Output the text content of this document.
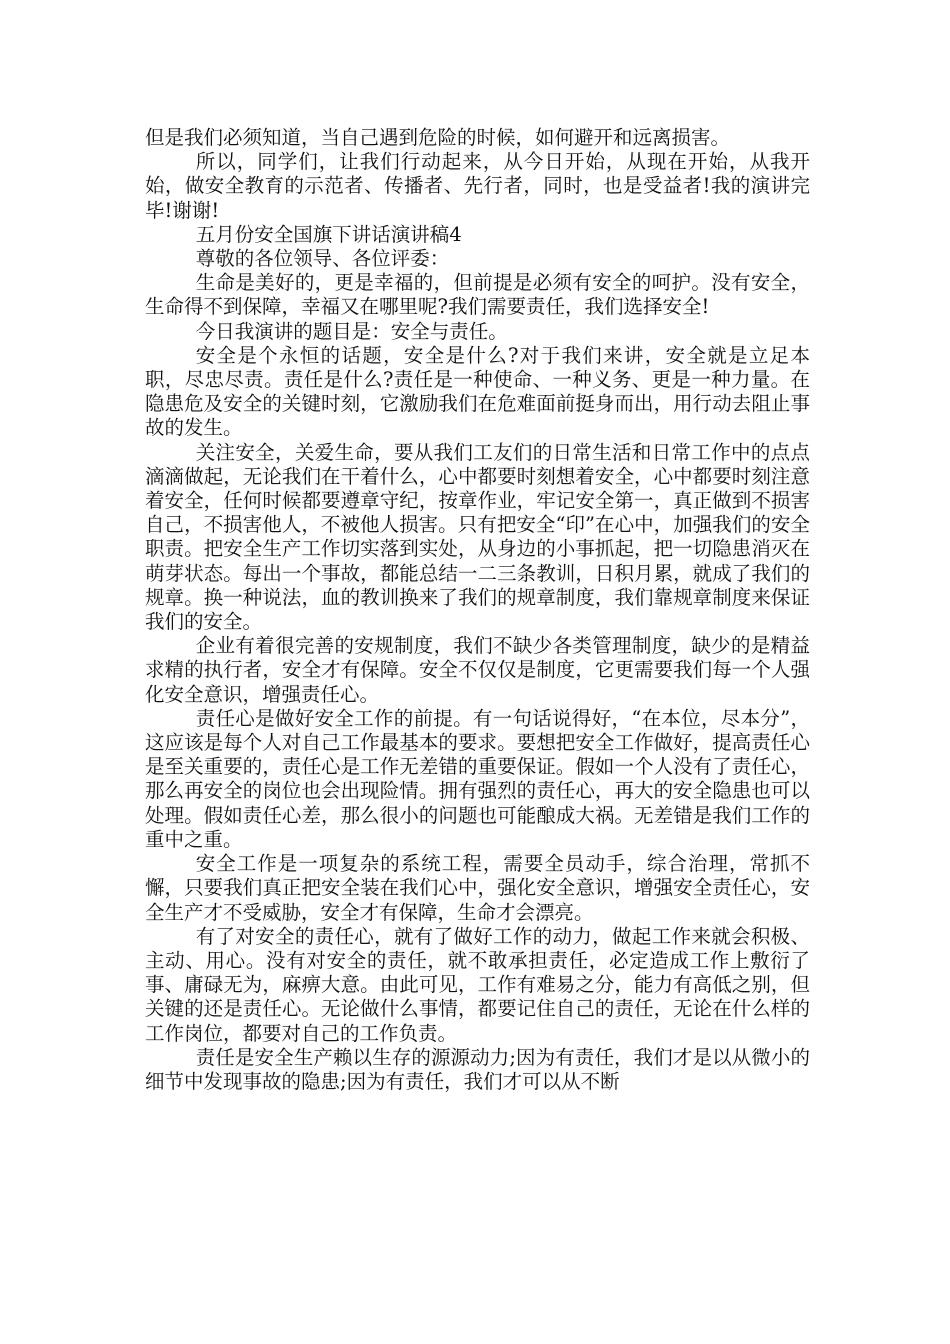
但是我们必须知道，当自己遇到危险的时候，如何避开和远离损害。

所以，同学们，让我们行动起来，从今日开始，从现在开始，从我开始，做安全教育的示范者、传播者、先行者，同时，也是受益者!我的演讲完毕!谢谢!

五月份安全国旗下讲话演讲稿4

尊敬的各位领导、各位评委：

生命是美好的，更是幸福的，但前提是必须有安全的呵护。没有安全，生命得不到保障，幸福又在哪里呢?我们需要责任，我们选择安全!

今日我演讲的题目是：安全与责任。

安全是个永恒的话题，安全是什么?对于我们来讲，安全就是立足本职，尽忠尽责。责任是什么?责任是一种使命、一种义务、更是一种力量。在隐患危及安全的关键时刻，它激励我们在危难面前挺身而出，用行动去阻止事故的发生。

关注安全，关爱生命，要从我们工友们的日常生活和日常工作中的点点滴滴做起，无论我们在干着什么，心中都要时刻想着安全，心中都要时刻注意着安全，任何时候都要遵章守纪，按章作业，牢记安全第一，真正做到不损害自己，不损害他人，不被他人损害。只有把安全“印”在心中，加强我们的安全职责。把安全生产工作切实落到实处，从身边的小事抓起，把一切隐患消灭在萌芽状态。每出一个事故，都能总结一二三条教训，日积月累，就成了我们的规章。换一种说法，血的教训换来了我们的规章制度，我们靠规章制度来保证我们的安全。

企业有着很完善的安规制度，我们不缺少各类管理制度，缺少的是精益求精的执行者，安全才有保障。安全不仅仅是制度，它更需要我们每一个人强化安全意识，增强责任心。

责任心是做好安全工作的前提。有一句话说得好，“在本位，尽本分”，这应该是每个人对自己工作最基本的要求。要想把安全工作做好，提高责任心是至关重要的，责任心是工作无差错的重要保证。假如一个人没有了责任心，那么再安全的岗位也会出现险情。拥有强烈的责任心，再大的安全隐患也可以处理。假如责任心差，那么很小的问题也可能酿成大祸。无差错是我们工作的重中之重。

安全工作是一项复杂的系统工程，需要全员动手，综合治理，常抓不懈，只要我们真正把安全装在我们心中，强化安全意识，增强安全责任心，安全生产才不受威胁，安全才有保障，生命才会漂亮。

有了对安全的责任心，就有了做好工作的动力，做起工作来就会积极、主动、用心。没有对安全的责任，就不敢承担责任，必定造成工作上敷衍了事、庸碌无为，麻痹大意。由此可见，工作有难易之分，能力有高低之别，但关键的还是责任心。无论做什么事情，都要记住自己的责任，无论在什么样的工作岗位，都要对自己的工作负责。

责任是安全生产赖以生存的源源动力;因为有责任，我们才是以从微小的细节中发现事故的隐患;因为有责任，我们才可以从不断
